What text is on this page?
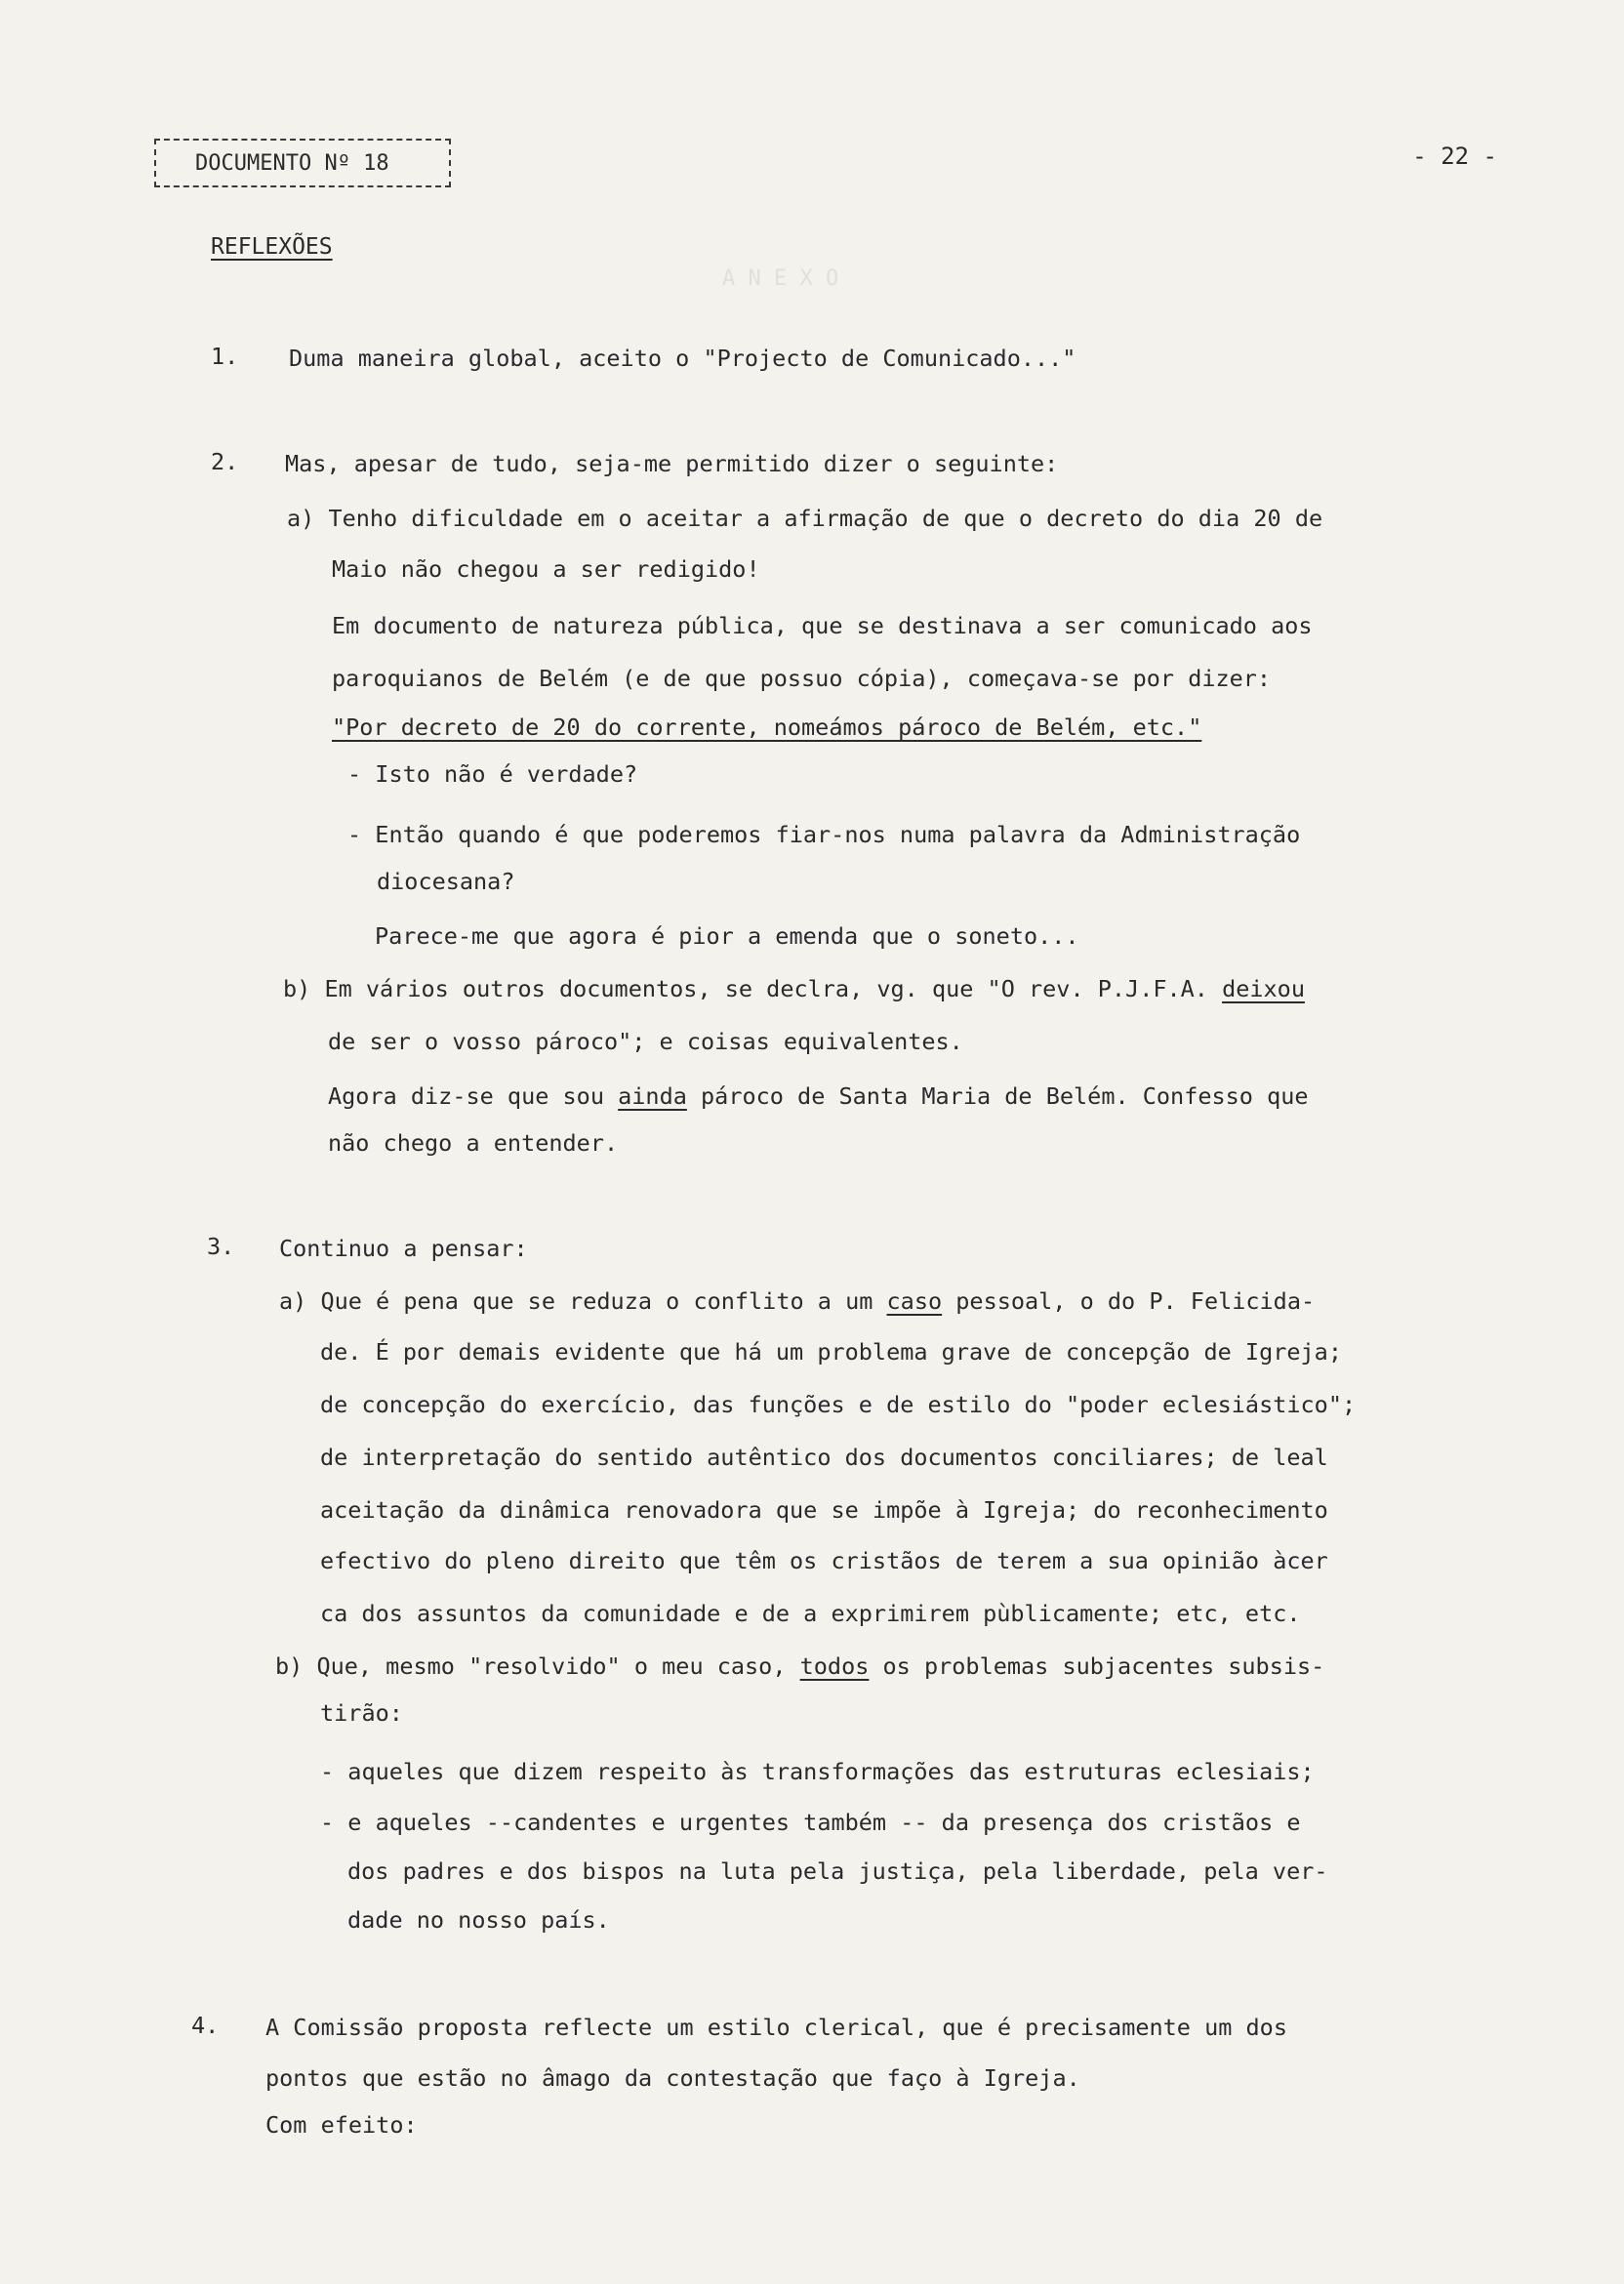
A N E X O
DOCUMENTO Nº 18	- 22 -
REFLEXÕES
1. Duma maneira global, aceito o "Projecto de Comunicado..."
2. Mas, apesar de tudo, seja-me permitido dizer o seguinte:
a) Tenho dificuldade em o aceitar a afirmação de que o decreto do dia 20 de
Maio não chegou a ser redigido!
Em documento de natureza pública, que se destinava a ser comunicado aos
paroquianos de Belém (e de que possuo cópia), começava-se por dizer:
"Por decreto de 20 do corrente, nomeámos pároco de Belém, etc."
- Isto não é verdade?
- Então quando é que poderemos fiar-nos numa palavra da Administração
diocesana?
Parece-me que agora é pior a emenda que o soneto...
b) Em vários outros documentos, se declra, vg. que "O rev. P.J.F.A. deixou
de ser o vosso pároco"; e coisas equivalentes.
Agora diz-se que sou ainda pároco de Santa Maria de Belém. Confesso que
não chego a entender.
3. Continuo a pensar:
a) Que é pena que se reduza o conflito a um caso pessoal, o do P. Felicida-
de. É por demais evidente que há um problema grave de concepção de Igreja;
de concepção do exercício, das funções e de estilo do "poder eclesiástico";
de interpretação do sentido autêntico dos documentos conciliares; de leal
aceitação da dinâmica renovadora que se impõe à Igreja; do reconhecimento
efectivo do pleno direito que têm os cristãos de terem a sua opinião àcer
ca dos assuntos da comunidade e de a exprimirem pùblicamente; etc, etc.
b) Que, mesmo "resolvido" o meu caso, todos os problemas subjacentes subsis-
tirão:
- aqueles que dizem respeito às transformações das estruturas eclesiais;
- e aqueles --candentes e urgentes também -- da presença dos cristãos e
dos padres e dos bispos na luta pela justiça, pela liberdade, pela ver-
dade no nosso país.
4. A Comissão proposta reflecte um estilo clerical, que é precisamente um dos
pontos que estão no âmago da contestação que faço à Igreja.
Com efeito:
